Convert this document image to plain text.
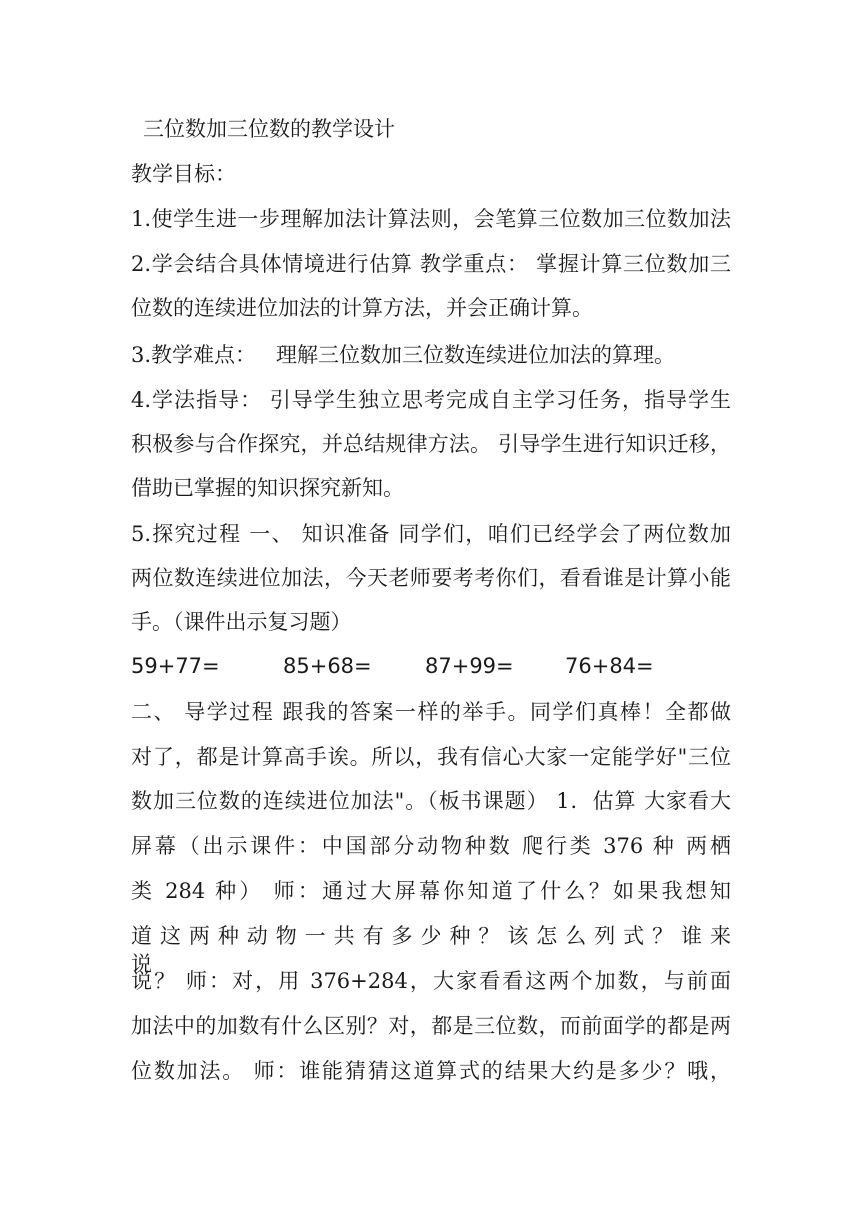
三位数加三位数的教学设计
教学目标：
1.使学生进一步理解加法计算法则，会笔算三位数加三位数加法
2.学会结合具体情境进行估算 教学重点： 掌握计算三位数加三
位数的连续进位加法的计算方法，并会正确计算。
3.教学难点：   理解三位数加三位数连续进位加法的算理。
4.学法指导： 引导学生独立思考完成自主学习任务，指导学生
积极参与合作探究，并总结规律方法。 引导学生进行知识迁移，
借助已掌握的知识探究新知。
5.探究过程 一、 知识准备 同学们，咱们已经学会了两位数加
两位数连续进位加法，今天老师要考考你们，看看谁是计算小能
手。（课件出示复习题）
59+77=	85+68=	87+99= 76+84=
二、 导学过程 跟我的答案一样的举手。同学们真棒！全都做
对了，都是计算高手诶。所以，我有信心大家一定能学好"三位
数加三位数的连续进位加法"。（板书课题） 1．估算 大家看大
屏幕（出示课件：中国部分动物种数 爬行类 376 种 两栖
类 284 种） 师：通过大屏幕你知道了什么？如果我想知
道 这 两 种 动 物 一 共 有 多 少 种 ？ 该 怎 么 列 式 ？ 谁 来 说
说？ 师：对，用 376+284，大家看看这两个加数，与前面
加法中的加数有什么区别？对，都是三位数，而前面学的都是两
位数加法。 师：谁能猜猜这道算式的结果大约是多少？哦，
